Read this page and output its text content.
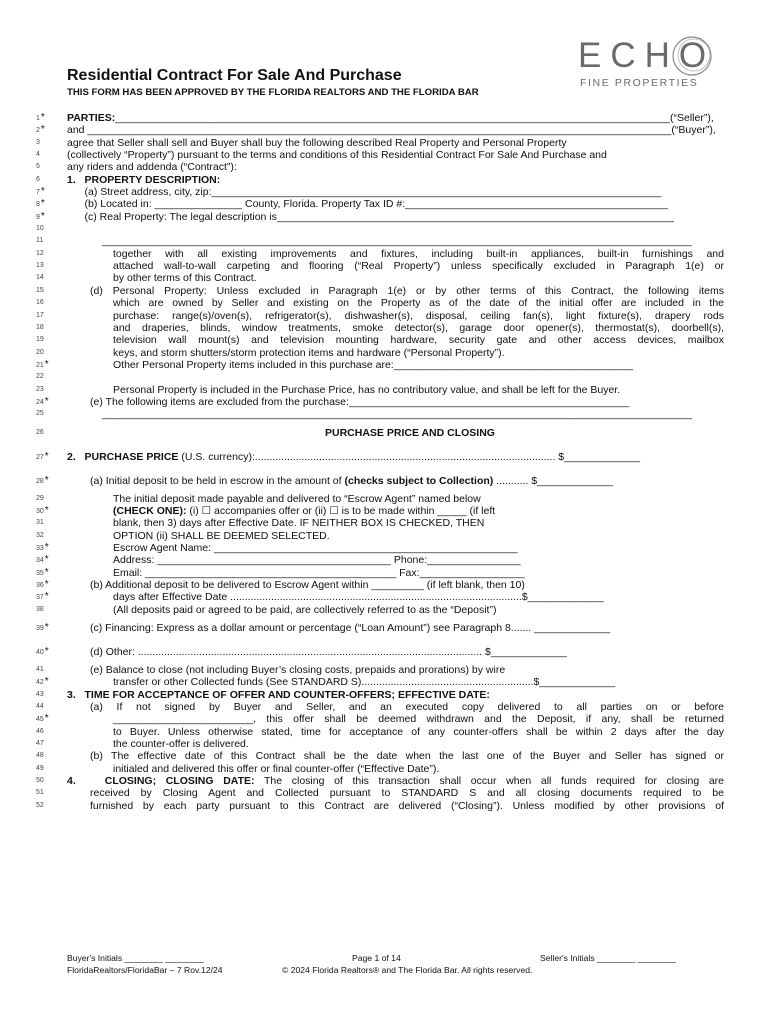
ECHO
FINE PROPERTIES
Residential Contract For Sale And Purchase
THIS FORM HAS BEEN APPROVED BY THE FLORIDA REALTORS AND THE FLORIDA BAR
1*	PARTIES:_______________________________________________________________________________________________(“Seller”),
2*	and ____________________________________________________________________________________________________(“Buyer”),
3	agree that Seller shall sell and Buyer shall buy the following described Real Property and Personal Property
4	(collectively “Property”) pursuant to the terms and conditions of this Residential Contract For Sale And Purchase and
5	any riders and addenda (“Contract”):
6	1.   PROPERTY DESCRIPTION:
7*	(a) Street address, city, zip:_____________________________________________________________________________
8*	(b) Located in: _______________ County, Florida. Property Tax ID #:_____________________________________________
9*	(c) Real Property: The legal description is____________________________________________________________________
10
11	_____________________________________________________________________________________________________
12	together with all existing improvements and fixtures, including built-in appliances, built-in furnishings and
13	attached wall-to-wall carpeting and flooring (“Real Property”) unless specifically excluded in Paragraph 1(e) or
14	by other terms of this Contract.
15	(d) Personal Property: Unless excluded in Paragraph 1(e) or by other terms of this Contract, the following items
16	which are owned by Seller and existing on the Property as of the date of the initial offer are included in the
17	purchase: range(s)/oven(s), refrigerator(s), dishwasher(s), disposal, ceiling fan(s), light fixture(s), drapery rods
18	and draperies, blinds, window treatments, smoke detector(s), garage door opener(s), thermostat(s), doorbell(s),
19	television wall mount(s) and television mounting hardware, security gate and other access devices, mailbox
20	keys, and storm shutters/storm protection items and hardware (“Personal Property”).
21*	Other Personal Property items included in this purchase are:_________________________________________
22
23	Personal Property is included in the Purchase Price, has no contributory value, and shall be left for the Buyer.
24*	(e) The following items are excluded from the purchase:________________________________________________
25	_____________________________________________________________________________________________________
26	PURCHASE PRICE AND CLOSING
27*	2.   PURCHASE PRICE (U.S. currency):....................................................................................................... $_____________
28*	(a) Initial deposit to be held in escrow in the amount of (checks subject to Collection) ........... $_____________
29	The initial deposit made payable and delivered to “Escrow Agent” named below
30*	(CHECK ONE): (i) ☐ accompanies offer or (ii) ☐ is to be made within _____ (if left
31	blank, then 3) days after Effective Date. IF NEITHER BOX IS CHECKED, THEN
32	OPTION (ii) SHALL BE DEEMED SELECTED.
33*	Escrow Agent Name: ____________________________________________________
34*	Address: ________________________________________ Phone:________________
35*	Email: ___________________________________________ Fax:__________________
36*	(b) Additional deposit to be delivered to Escrow Agent within _________ (if left blank, then 10)
37*	days after Effective Date ....................................................................................................$_____________
38	(All deposits paid or agreed to be paid, are collectively referred to as the “Deposit”)
39*	(c) Financing: Express as a dollar amount or percentage (“Loan Amount”) see Paragraph 8....... _____________
40*	(d) Other: ...................................................................................................................... $_____________
41	(e) Balance to close (not including Buyer’s closing costs, prepaids and prorations) by wire
42*	transfer or other Collected funds (See STANDARD S)...........................................................$_____________
43	3.   TIME FOR ACCEPTANCE OF OFFER AND COUNTER-OFFERS; EFFECTIVE DATE:
44	(a) If not signed by Buyer and Seller, and an executed copy delivered to all parties on or before
45*	________________________, this offer shall be deemed withdrawn and the Deposit, if any, shall be returned
46	to Buyer. Unless otherwise stated, time for acceptance of any counter-offers shall be within 2 days after the day
47	the counter-offer is delivered.
48	(b) The effective date of this Contract shall be the date when the last one of the Buyer and Seller has signed or
49	initialed and delivered this offer or final counter-offer (“Effective Date”).
50	4.   CLOSING; CLOSING DATE: The closing of this transaction shall occur when all funds required for closing are
51	received by Closing Agent and Collected pursuant to STANDARD S and all closing documents required to be
52	furnished by each party pursuant to this Contract are delivered (“Closing”). Unless modified by other provisions of
Buyer's Initials ________ ________	Page 1 of 14	Seller's Initials ________ ________
FloridaRealtors/FloridaBar – 7 Rov.12/24	© 2024 Florida Realtors® and The Florida Bar. All rights reserved.
